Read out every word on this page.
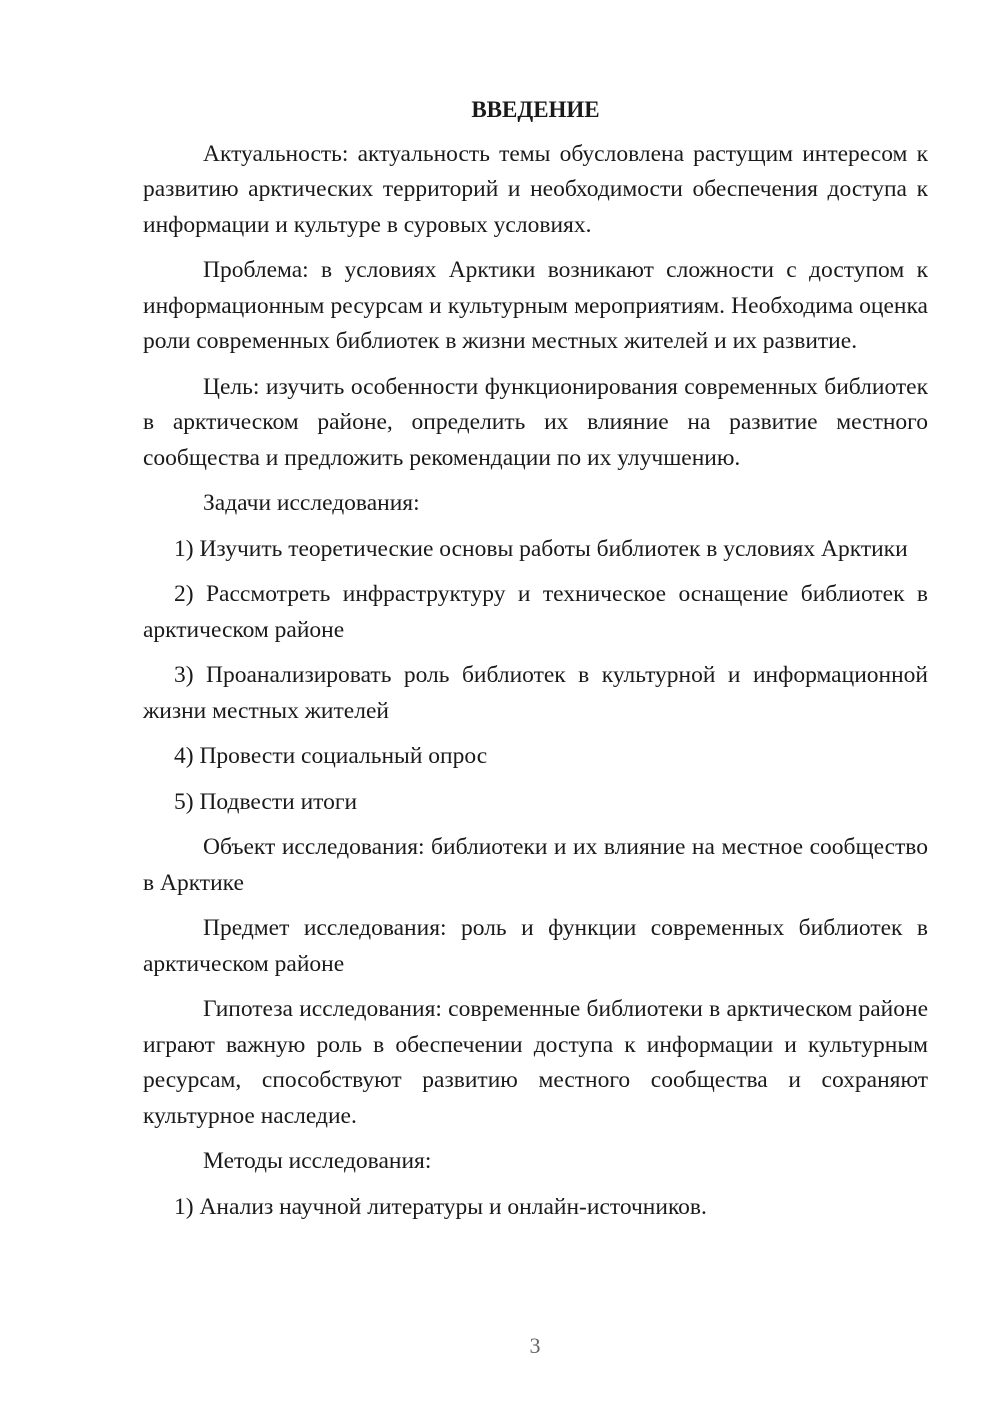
ВВЕДЕНИЕ

Актуальность: актуальность темы обусловлена растущим интересом к развитию арктических территорий и необходимости обеспечения доступа к информации и культуре в суровых условиях.

Проблема: в условиях Арктики возникают сложности с доступом к информационным ресурсам и культурным мероприятиям. Необходима оценка роли современных библиотек в жизни местных жителей и их развитие.

Цель: изучить особенности функционирования современных библиотек в арктическом районе, определить их влияние на развитие местного сообщества и предложить рекомендации по их улучшению.

Задачи исследования:

1) Изучить теоретические основы работы библиотек в условиях Арктики

2) Рассмотреть инфраструктуру и техническое оснащение библиотек в арктическом районе

3) Проанализировать роль библиотек в культурной и информационной жизни местных жителей

4) Провести социальный опрос

5) Подвести итоги

Объект исследования: библиотеки и их влияние на местное сообщество в Арктике

Предмет исследования: роль и функции современных библиотек в арктическом районе

Гипотеза исследования: современные библиотеки в арктическом районе играют важную роль в обеспечении доступа к информации и культурным ресурсам, способствуют развитию местного сообщества и сохраняют культурное наследие.

Методы исследования:

1) Анализ научной литературы и онлайн-источников.

3
